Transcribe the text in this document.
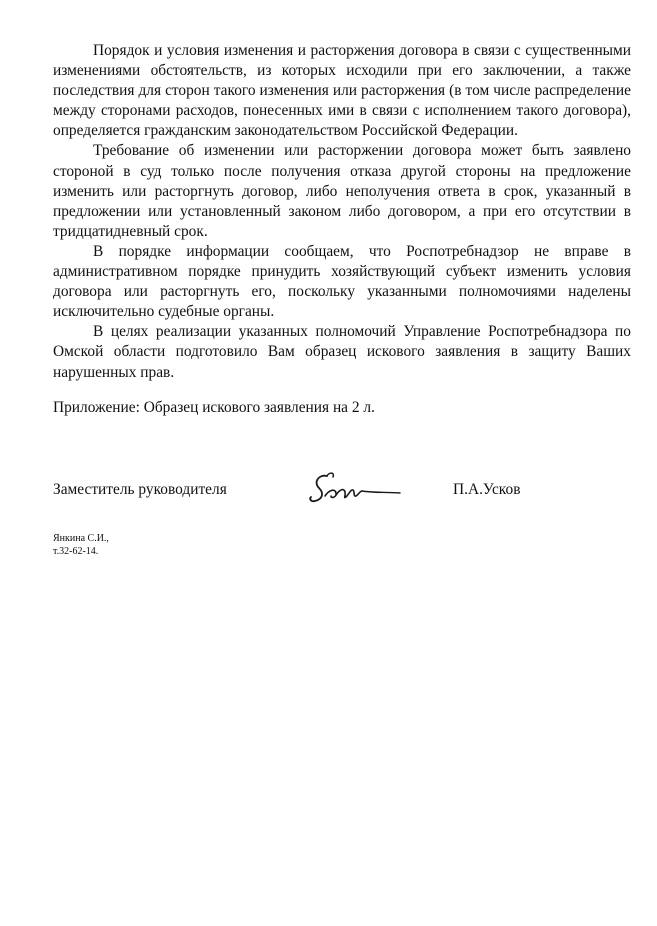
Порядок и условия изменения и расторжения договора в связи с существенными изменениями обстоятельств, из которых исходили при его заключении, а также последствия для сторон такого изменения или расторжения (в том числе распределение между сторонами расходов, понесенных ими в связи с исполнением такого договора), определяется гражданским законодательством Российской Федерации.

Требование об изменении или расторжении договора может быть заявлено стороной в суд только после получения отказа другой стороны на предложение изменить или расторгнуть договор, либо неполучения ответа в срок, указанный в предложении или установленный законом либо договором, а при его отсутствии в тридцатидневный срок.

В порядке информации сообщаем, что Роспотребнадзор не вправе в административном порядке принудить хозяйствующий субъект изменить условия договора или расторгнуть его, поскольку указанными полномочиями наделены исключительно судебные органы.

В целях реализации указанных полномочий Управление Роспотребнадзора по Омской области подготовило Вам образец искового заявления в защиту Ваших нарушенных прав.

Приложение: Образец искового заявления на 2 л.

Заместитель руководителя	П.А.Усков

Янкина С.И.,
т.32-62-14.
